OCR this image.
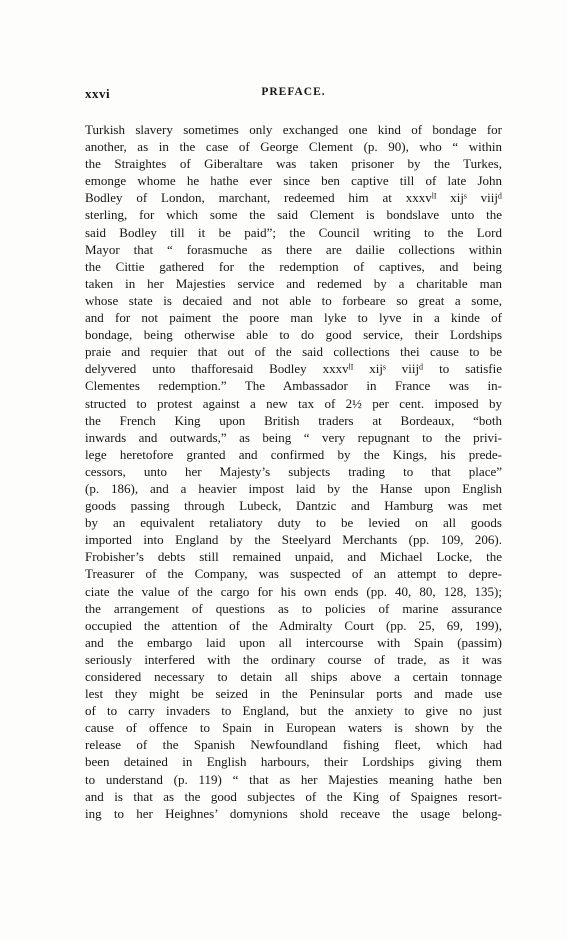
xxvi	PREFACE.
Turkish slavery sometimes only exchanged one kind of bondage for
another, as in the case of George Clement (p. 90), who “ within
the Straightes of Giberaltare was taken prisoner by the Turkes,
emonge whome he hathe ever since ben captive till of late John
Bodley of London, marchant, redeemed him at xxxvˡᴵ xijˢ viijᵈ
sterling, for which some the said Clement is bondslave unto the
said Bodley till it be paid”; the Council writing to the Lord
Mayor that “ forasmuche as there are dailie collections within
the Cittie gathered for the redemption of captives, and being
taken in her Majesties service and redemed by a charitable man
whose state is decaied and not able to forbeare so great a some,
and for not paiment the poore man lyke to lyve in a kinde of
bondage, being otherwise able to do good service, their Lordships
praie and requier that out of the said collections thei cause to be
delyvered unto thafforesaid Bodley xxxvˡᴵ xijˢ viijᵈ to satisfie
Clementes redemption.” The Ambassador in France was in-
structed to protest against a new tax of 2½ per cent. imposed by
the French King upon British traders at Bordeaux, “both
inwards and outwards,” as being “ very repugnant to the privi-
lege heretofore granted and confirmed by the Kings, his prede-
cessors, unto her Majesty’s subjects trading to that place”
(p. 186), and a heavier impost laid by the Hanse upon English
goods passing through Lubeck, Dantzic and Hamburg was met
by an equivalent retaliatory duty to be levied on all goods
imported into England by the Steelyard Merchants (pp. 109, 206).
Frobisher’s debts still remained unpaid, and Michael Locke, the
Treasurer of the Company, was suspected of an attempt to depre-
ciate the value of the cargo for his own ends (pp. 40, 80, 128, 135);
the arrangement of questions as to policies of marine assurance
occupied the attention of the Admiralty Court (pp. 25, 69, 199),
and the embargo laid upon all intercourse with Spain (passim)
seriously interfered with the ordinary course of trade, as it was
considered necessary to detain all ships above a certain tonnage
lest they might be seized in the Peninsular ports and made use
of to carry invaders to England, but the anxiety to give no just
cause of offence to Spain in European waters is shown by the
release of the Spanish Newfoundland fishing fleet, which had
been detained in English harbours, their Lordships giving them
to understand (p. 119) “ that as her Majesties meaning hathe ben
and is that as the good subjectes of the King of Spaignes resort-
ing to her Heighnes’ domynions shold receave the usage belong-
